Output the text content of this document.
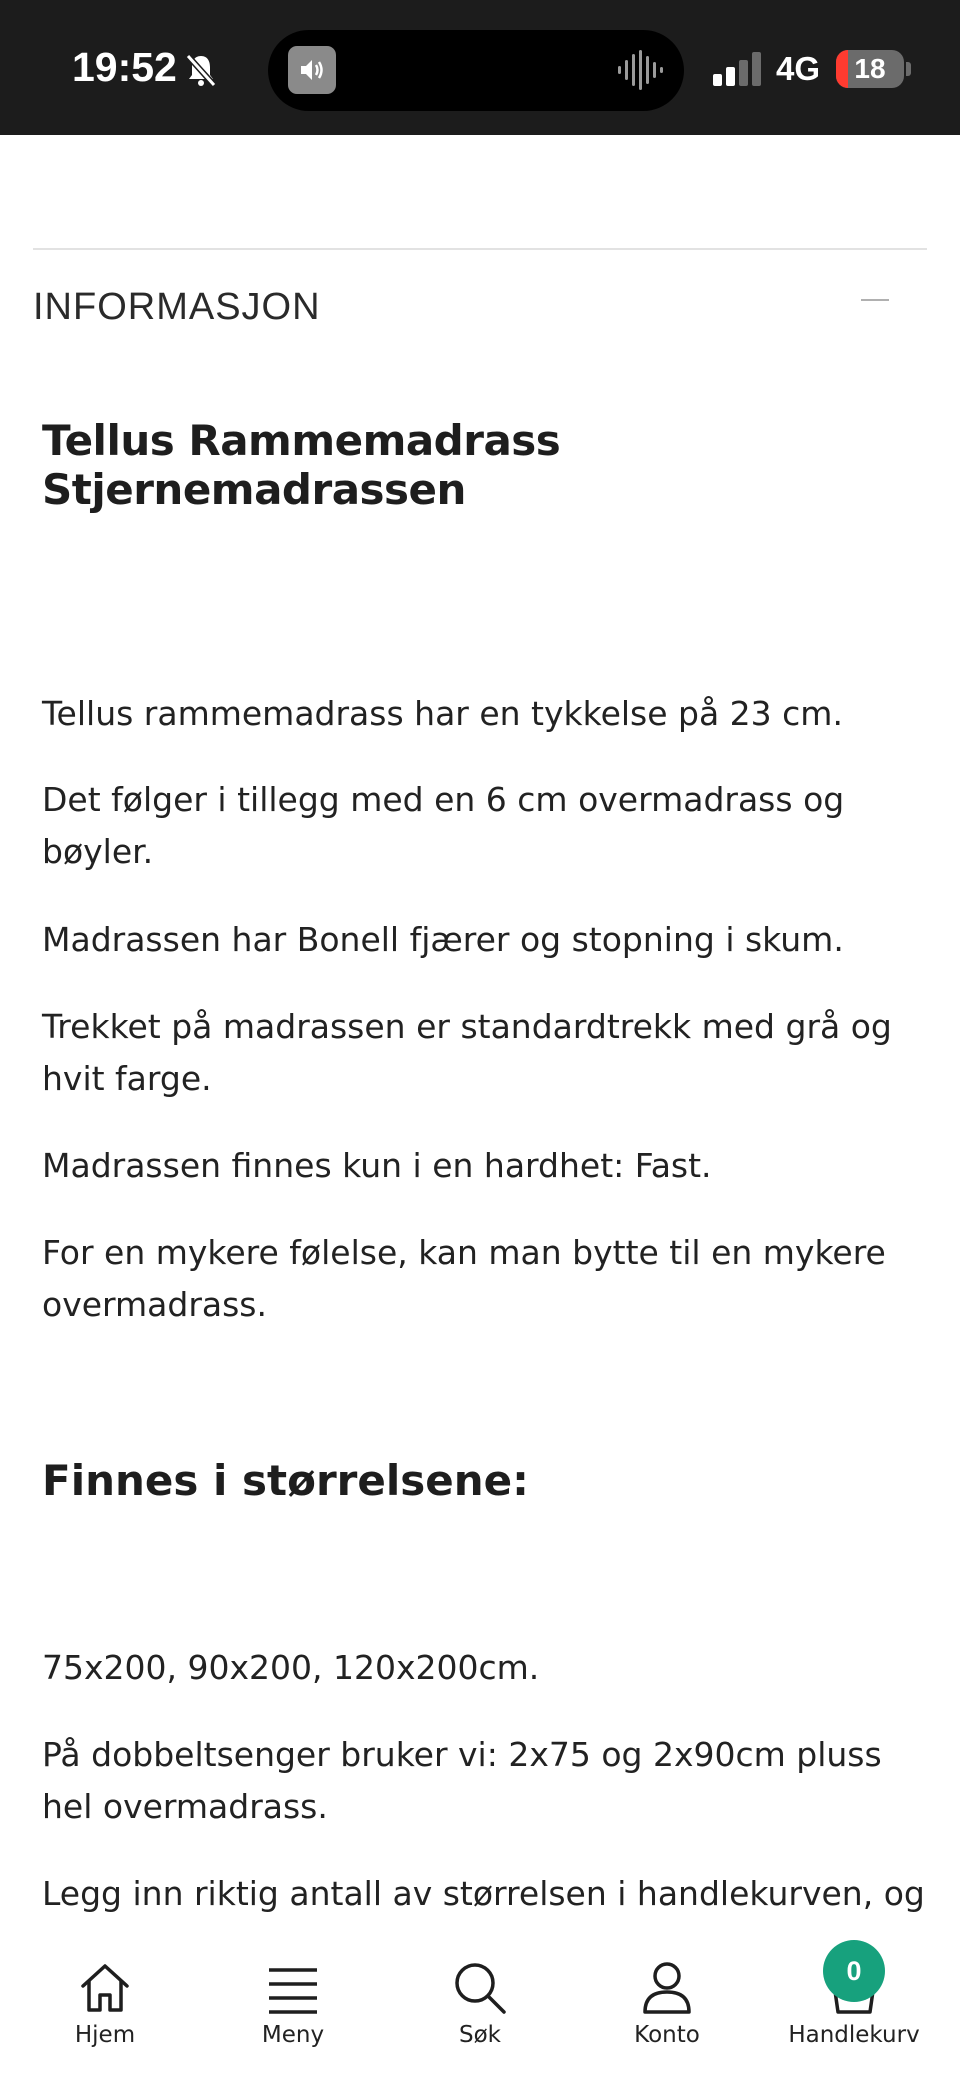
19:52	4G	18
INFORMASJON
Tellus Rammemadrass Stjernemadrassen

Tellus rammemadrass har en tykkelse på 23 cm.

Det følger i tillegg med en 6 cm overmadrass og bøyler.

Madrassen har Bonell fjærer og stopning i skum.

Trekket på madrassen er standardtrekk med grå og hvit farge.

Madrassen finnes kun i en hardhet: Fast.

For en mykere følelse, kan man bytte til en mykere overmadrass.

Finnes i størrelsene:

75x200, 90x200, 120x200cm.

På dobbeltsenger bruker vi: 2x75 og 2x90cm pluss hel overmadrass.

Legg inn riktig antall av størrelsen i handlekurven, og

Hjem	Meny	Søk	Konto	Handlekurv
0
